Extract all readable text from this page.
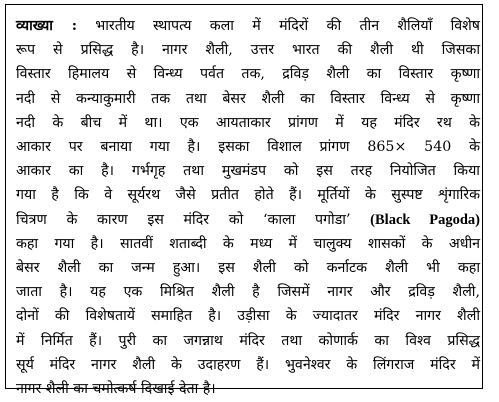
व्याख्या : भारतीय स्थापत्य कला में मंदिरों की तीन शैलियाँ विशेष
रूप से प्रसिद्ध है। नागर शैली, उत्तर भारत की शैली थी जिसका
विस्तार हिमालय से विन्ध्य पर्वत तक, द्रविड़ शैली का विस्तार कृष्णा
नदी से कन्याकुमारी तक तथा बेसर शैली का विस्तार विन्ध्य से कृष्णा
नदी के बीच में था। एक आयताकार प्रांगण में यह मंदिर रथ के
आकार पर बनाया गया है। इसका विशाल प्रांगण 865× 540 के
आकार का है। गर्भगृह तथा मुखमंडप को इस तरह नियोजित किया
गया है कि वे सूर्यरथ जैसे प्रतीत होते हैं। मूर्तियों के सुस्पष्ट शृंगारिक
चित्रण के कारण इस मंदिर को ‘काला पगोडा’ (Black Pagoda)
कहा गया है। सातवीं शताब्दी के मध्य में चालुक्य शासकों के अधीन
बेसर शैली का जन्म हुआ। इस शैली को कर्नाटक शैली भी कहा
जाता है। यह एक मिश्रित शैली है जिसमें नागर और द्रविड़ शैली,
दोनों की विशेषतायें समाहित है। उड़ीसा के ज्यादातर मंदिर नागर शैली
में निर्मित हैं। पुरी का जगन्नाथ मंदिर तथा कोणार्क का विश्व प्रसिद्ध
सूर्य मंदिर नागर शैली के उदाहरण हैं। भुवनेश्वर के लिंगराज मंदिर में
नागर शैली का चमोत्कर्ष दिखाई देता है।
